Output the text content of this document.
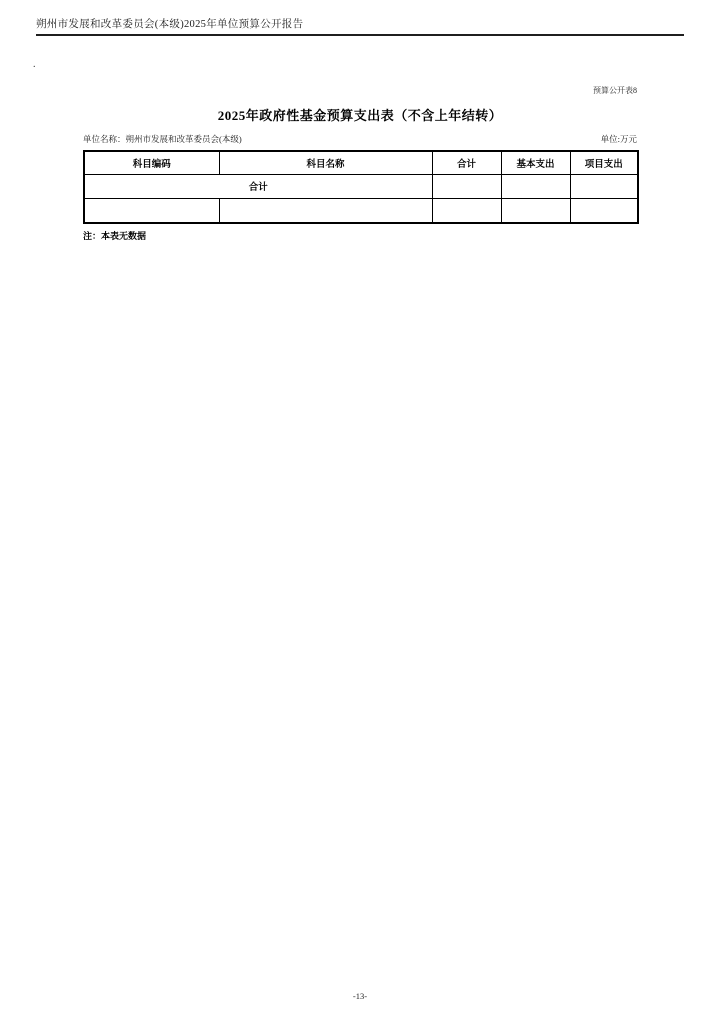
朔州市发展和改革委员会(本级)2025年单位预算公开报告
.
预算公开表8
2025年政府性基金预算支出表（不含上年结转）
单位名称：朔州市发展和改革委员会(本级)	单位:万元
科目编码	科目名称	合计	基本支出	项目支出
合计				

注：本表无数据
-13-
